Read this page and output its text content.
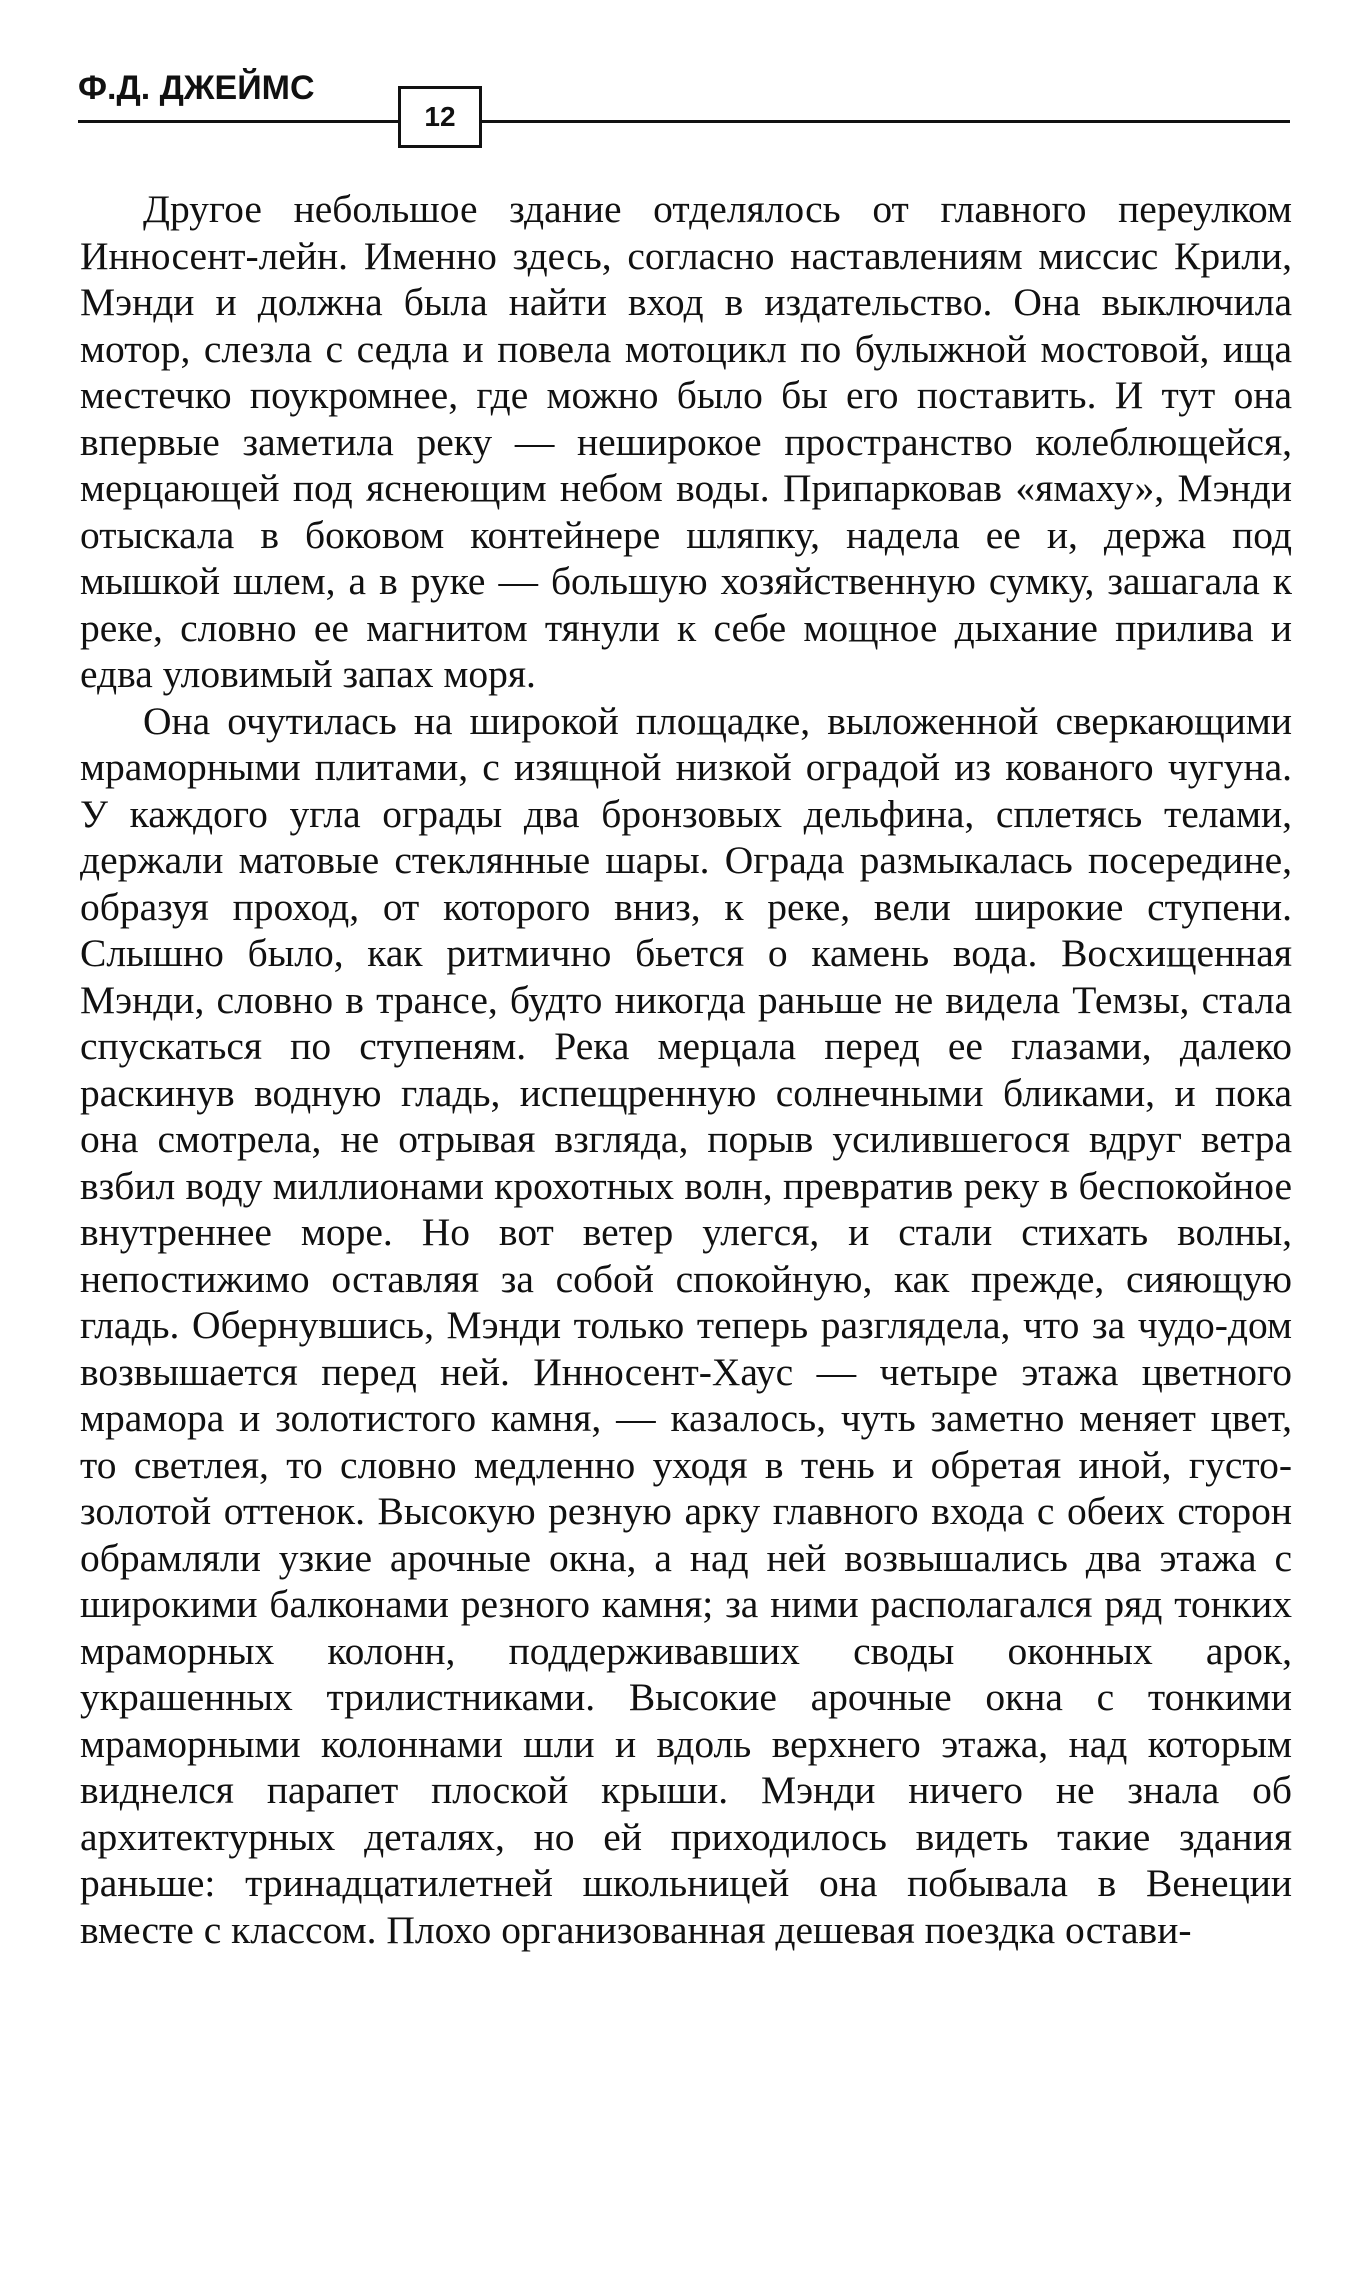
Ф.Д. ДЖЕЙМС
12

Другое небольшое здание отделялось от главного переулком Инносент-лейн. Именно здесь, согласно наставлениям миссис Крили, Мэнди и должна была найти вход в издательство. Она выключила мотор, слезла с седла и повела мотоцикл по булыжной мостовой, ища местечко поукромнее, где можно было бы его поставить. И тут она впервые заметила реку — неширокое пространство колеблющейся, мерцающей под яснеющим небом воды. Припарковав «ямаху», Мэнди отыскала в боковом контейнере шляпку, надела ее и, держа под мышкой шлем, а в руке — большую хозяйственную сумку, зашагала к реке, словно ее магнитом тянули к себе мощное дыхание прилива и едва уловимый запах моря.

Она очутилась на широкой площадке, выложенной сверкающими мраморными плитами, с изящной низкой оградой из кованого чугуна. У каждого угла ограды два бронзовых дельфина, сплетясь телами, держали матовые стеклянные шары. Ограда размыкалась посередине, образуя проход, от которого вниз, к реке, вели широкие ступени. Слышно было, как ритмично бьется о камень вода. Восхищенная Мэнди, словно в трансе, будто никогда раньше не видела Темзы, стала спускаться по ступеням. Река мерцала перед ее глазами, далеко раскинув водную гладь, испещренную солнечными бликами, и пока она смотрела, не отрывая взгляда, порыв усилившегося вдруг ветра взбил воду миллионами крохотных волн, превратив реку в беспокойное внутреннее море. Но вот ветер улегся, и стали стихать волны, непостижимо оставляя за собой спокойную, как прежде, сияющую гладь. Обернувшись, Мэнди только теперь разглядела, что за чудо-дом возвышается перед ней. Инносент-Хаус — четыре этажа цветного мрамора и золотистого камня, — казалось, чуть заметно меняет цвет, то светлея, то словно медленно уходя в тень и обретая иной, густо-золотой оттенок. Высокую резную арку главного входа с обеих сторон обрамляли узкие арочные окна, а над ней возвышались два этажа с широкими балконами резного камня; за ними располагался ряд тонких мраморных колонн, поддерживавших своды оконных арок, украшенных трилистниками. Высокие арочные окна с тонкими мраморными колоннами шли и вдоль верхнего этажа, над которым виднелся парапет плоской крыши. Мэнди ничего не знала об архитектурных деталях, но ей приходилось видеть такие здания раньше: тринадцатилетней школьницей она побывала в Венеции вместе с классом. Плохо организованная дешевая поездка остави-
